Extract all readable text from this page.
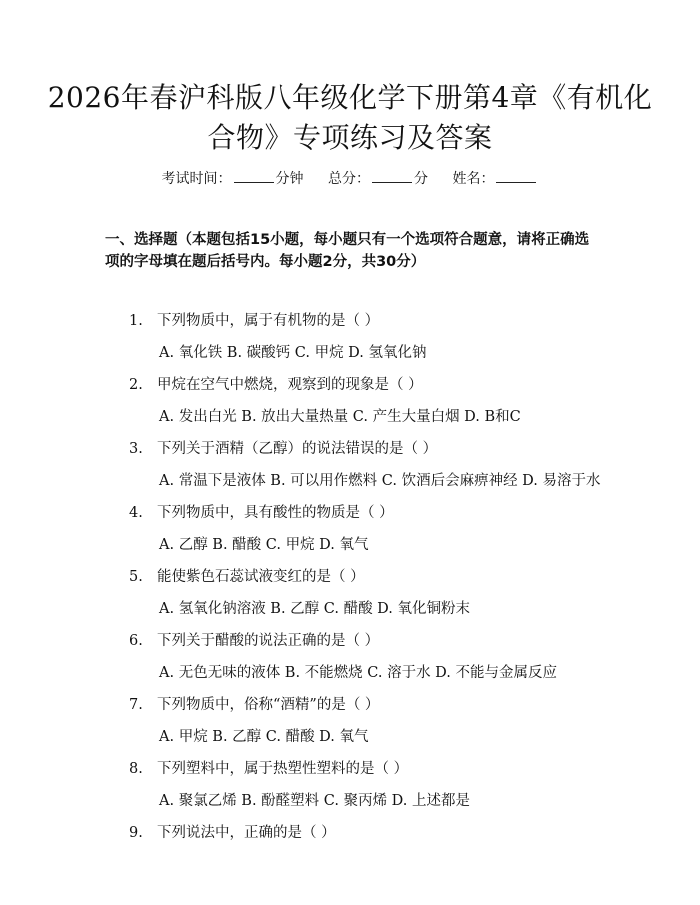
2026年春沪科版八年级化学下册第4章《有机化合物》专项练习及答案
考试时间：	分钟 总分：	分 姓名：
一、选择题（本题包括15小题，每小题只有一个选项符合题意，请将正确选项的字母填在题后括号内。每小题2分，共30分）
1. 下列物质中，属于有机物的是（ ）
A. 氧化铁 B. 碳酸钙 C. 甲烷 D. 氢氧化钠
2. 甲烷在空气中燃烧，观察到的现象是（ ）
A. 发出白光 B. 放出大量热量 C. 产生大量白烟 D. B和C
3. 下列关于酒精（乙醇）的说法错误的是（ ）
A. 常温下是液体 B. 可以用作燃料 C. 饮酒后会麻痹神经 D. 易溶于水
4. 下列物质中，具有酸性的物质是（ ）
A. 乙醇 B. 醋酸 C. 甲烷 D. 氧气
5. 能使紫色石蕊试液变红的是（ ）
A. 氢氧化钠溶液 B. 乙醇 C. 醋酸 D. 氧化铜粉末
6. 下列关于醋酸的说法正确的是（ ）
A. 无色无味的液体 B. 不能燃烧 C. 溶于水 D. 不能与金属反应
7. 下列物质中，俗称“酒精”的是（ ）
A. 甲烷 B. 乙醇 C. 醋酸 D. 氧气
8. 下列塑料中，属于热塑性塑料的是（ ）
A. 聚氯乙烯 B. 酚醛塑料 C. 聚丙烯 D. 上述都是
9. 下列说法中，正确的是（ ）
